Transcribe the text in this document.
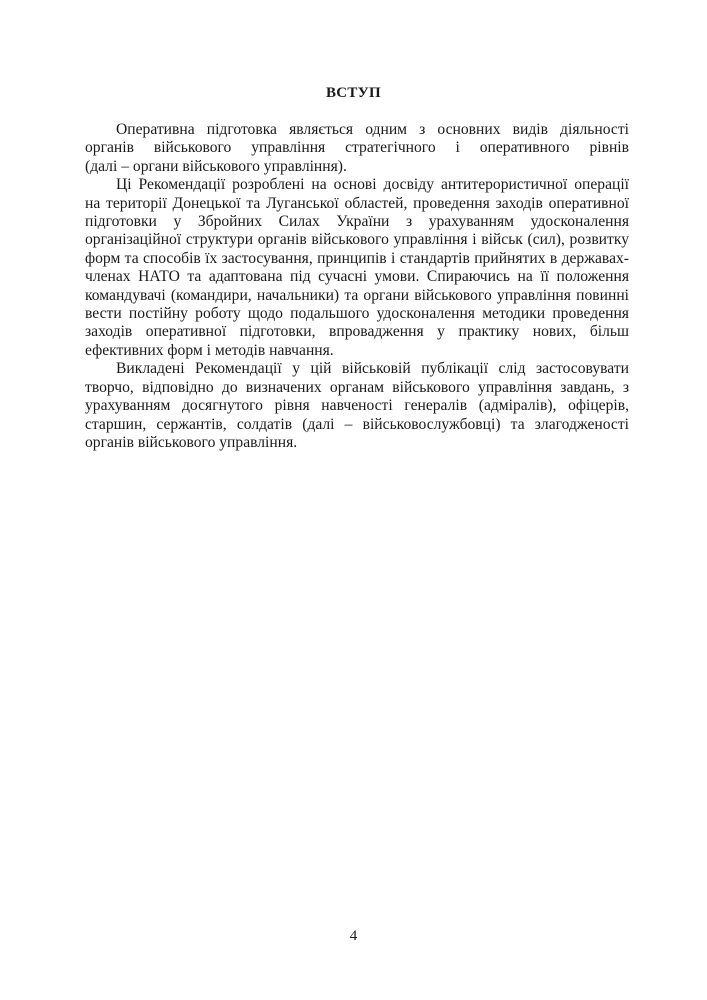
ВСТУП

Оперативна підготовка являється одним з основних видів діяльності
органів військового управління стратегічного і оперативного рівнів
(далі – органи військового управління).

Ці Рекомендації розроблені на основі досвіду антитерористичної операції
на території Донецької та Луганської областей, проведення заходів оперативної
підготовки у Збройних Силах України з урахуванням удосконалення
організаційної структури органів військового управління і військ (сил), розвитку
форм та способів їх застосування, принципів і стандартів прийнятих в державах-
членах НАТО та адаптована під сучасні умови. Спираючись на її положення
командувачі (командири, начальники) та органи військового управління повинні
вести постійну роботу щодо подальшого удосконалення методики проведення
заходів оперативної підготовки, впровадження у практику нових, більш
ефективних форм і методів навчання.

Викладені Рекомендації у цій військовій публікації слід застосовувати
творчо, відповідно до визначених органам військового управління завдань, з
урахуванням досягнутого рівня навченості генералів (адміралів), офіцерів,
старшин, сержантів, солдатів (далі – військовослужбовці) та злагодженості
органів військового управління.

4
